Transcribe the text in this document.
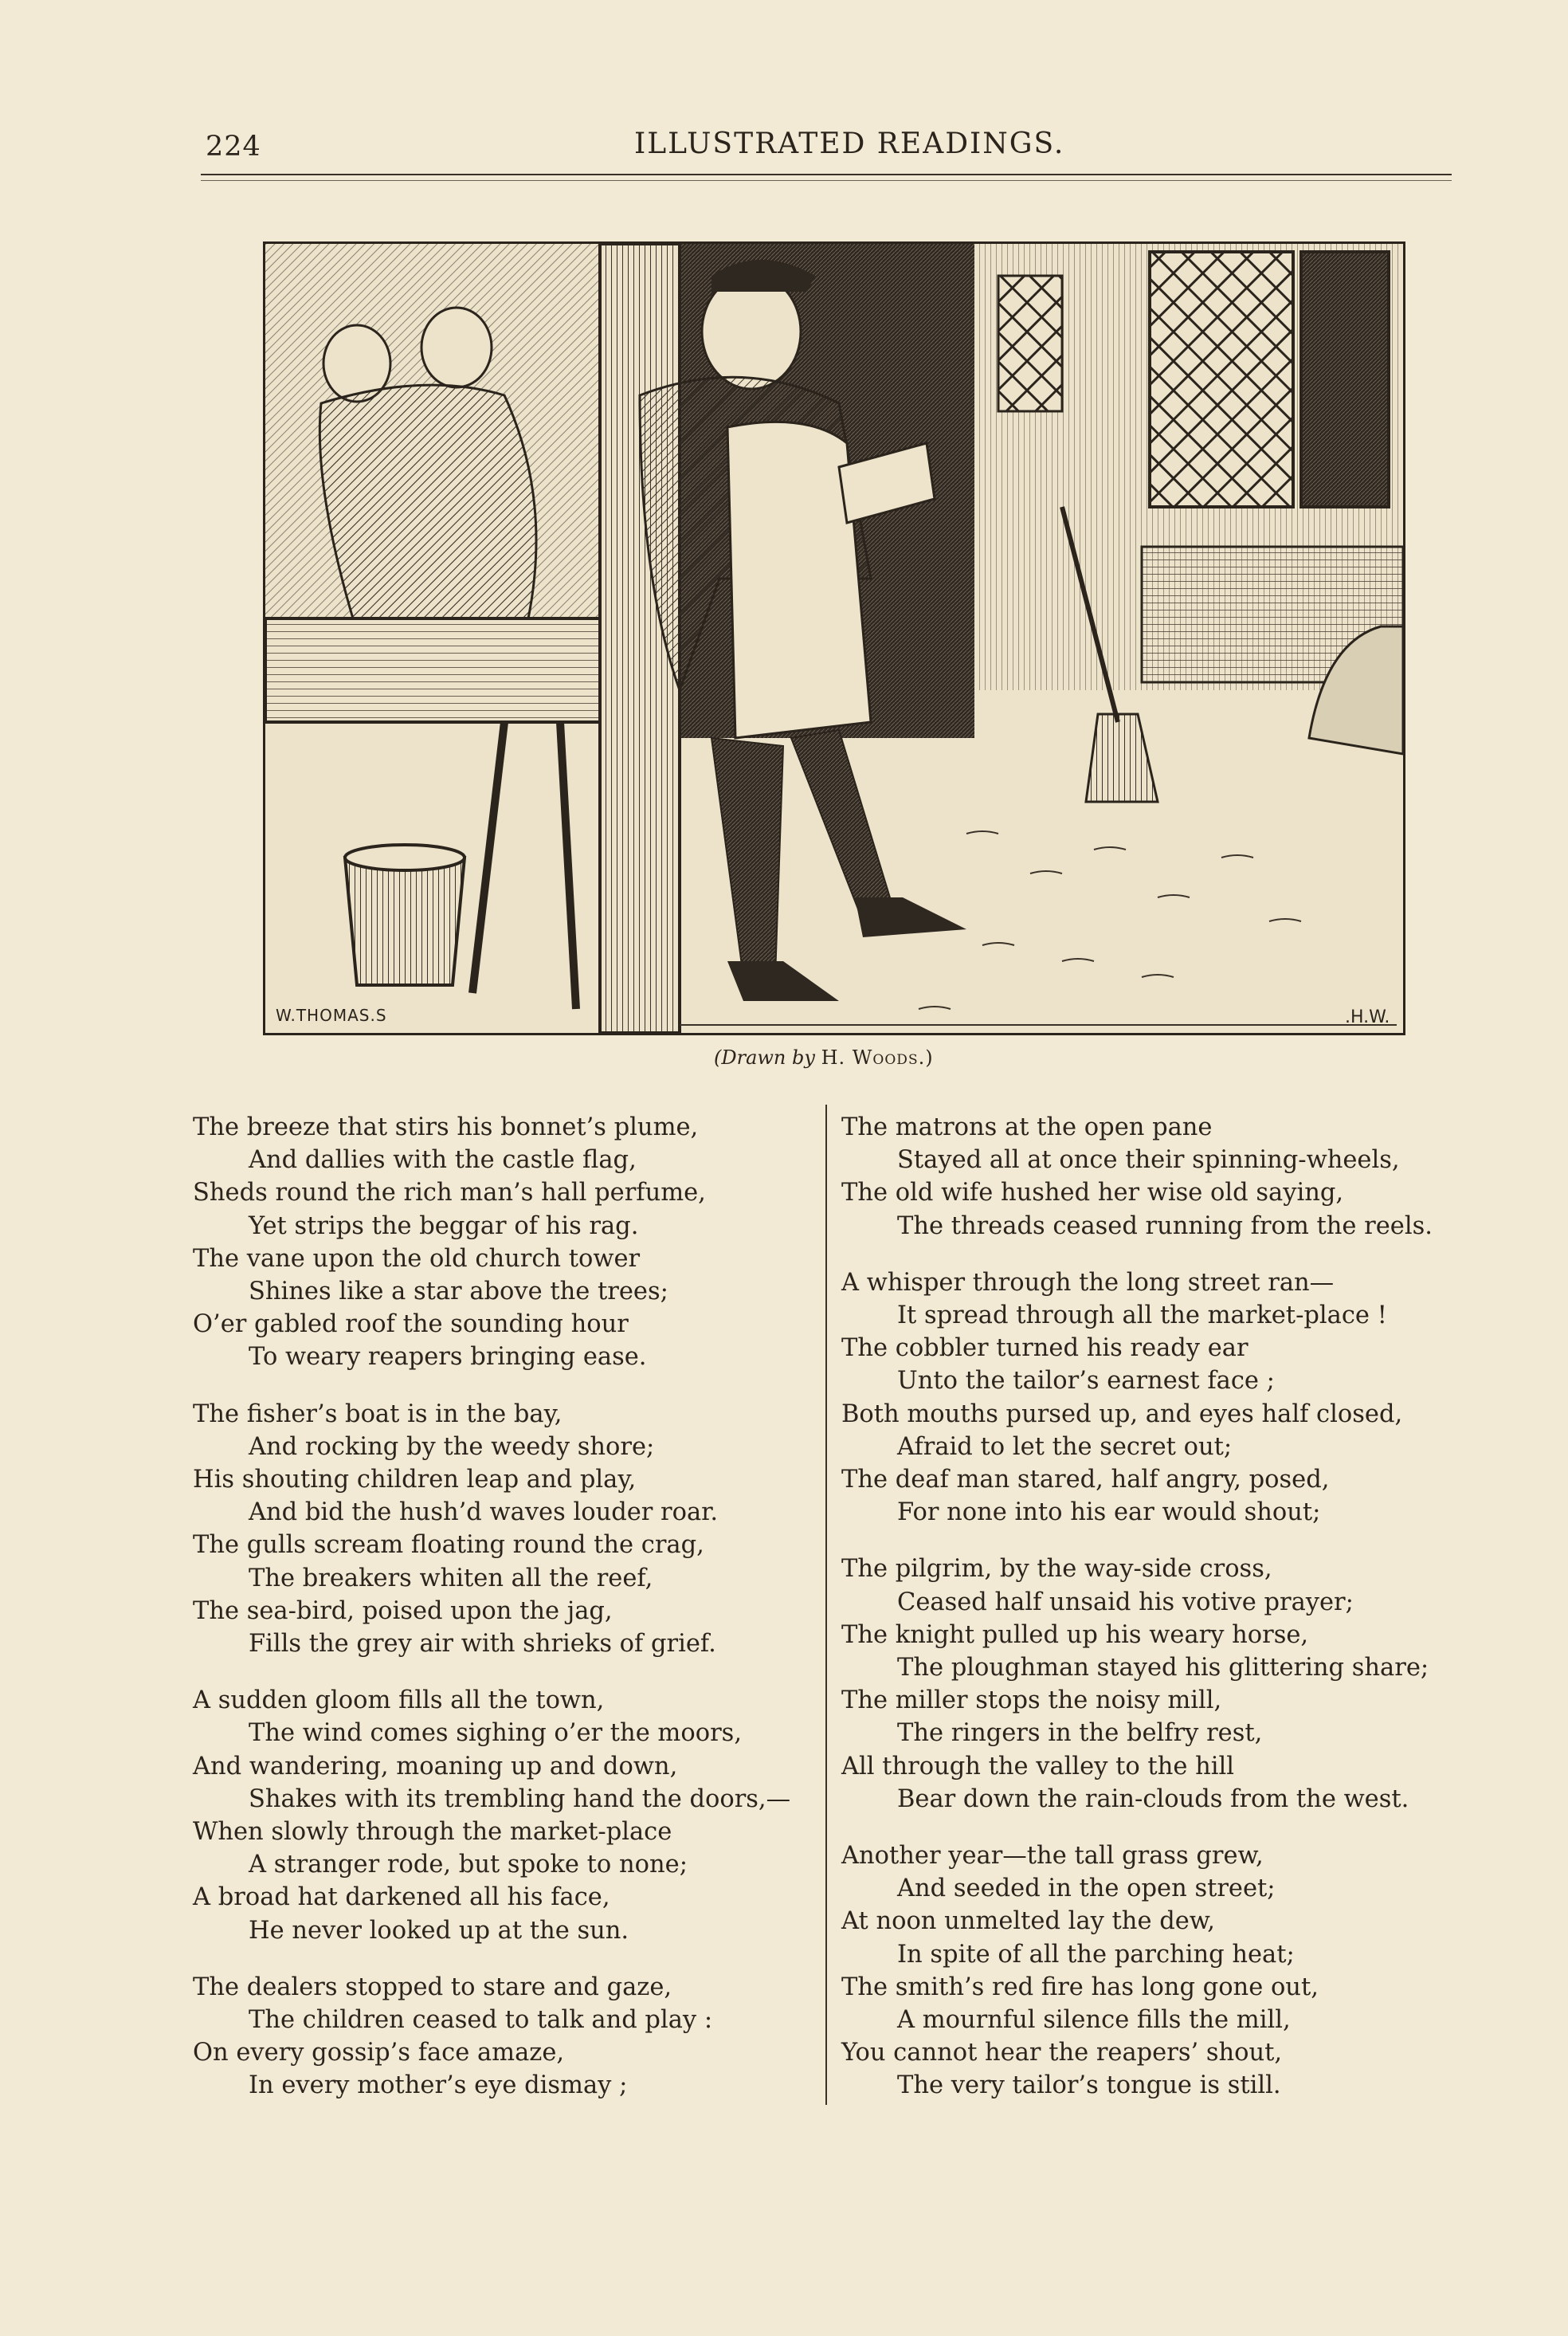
224	ILLUSTRATED READINGS.
W.THOMAS.S	.H.W.
(Drawn by H. Woods.)
The breeze that stirs his bonnet’s plume,
And dallies with the castle flag,
Sheds round the rich man’s hall perfume,
Yet strips the beggar of his rag.
The vane upon the old church tower
Shines like a star above the trees;
O’er gabled roof the sounding hour
To weary reapers bringing ease.
The fisher’s boat is in the bay,
And rocking by the weedy shore;
His shouting children leap and play,
And bid the hush’d waves louder roar.
The gulls scream floating round the crag,
The breakers whiten all the reef,
The sea-bird, poised upon the jag,
Fills the grey air with shrieks of grief.
A sudden gloom fills all the town,
The wind comes sighing o’er the moors,
And wandering, moaning up and down,
Shakes with its trembling hand the doors,—
When slowly through the market-place
A stranger rode, but spoke to none;
A broad hat darkened all his face,
He never looked up at the sun.
The dealers stopped to stare and gaze,
The children ceased to talk and play :
On every gossip’s face amaze,
In every mother’s eye dismay ;
The matrons at the open pane
Stayed all at once their spinning-wheels,
The old wife hushed her wise old saying,
The threads ceased running from the reels.
A whisper through the long street ran—
It spread through all the market-place !
The cobbler turned his ready ear
Unto the tailor’s earnest face ;
Both mouths pursed up, and eyes half closed,
Afraid to let the secret out;
The deaf man stared, half angry, posed,
For none into his ear would shout;
The pilgrim, by the way-side cross,
Ceased half unsaid his votive prayer;
The knight pulled up his weary horse,
The ploughman stayed his glittering share;
The miller stops the noisy mill,
The ringers in the belfry rest,
All through the valley to the hill
Bear down the rain-clouds from the west.
Another year—the tall grass grew,
And seeded in the open street;
At noon unmelted lay the dew,
In spite of all the parching heat;
The smith’s red fire has long gone out,
A mournful silence fills the mill,
You cannot hear the reapers’ shout,
The very tailor’s tongue is still.
